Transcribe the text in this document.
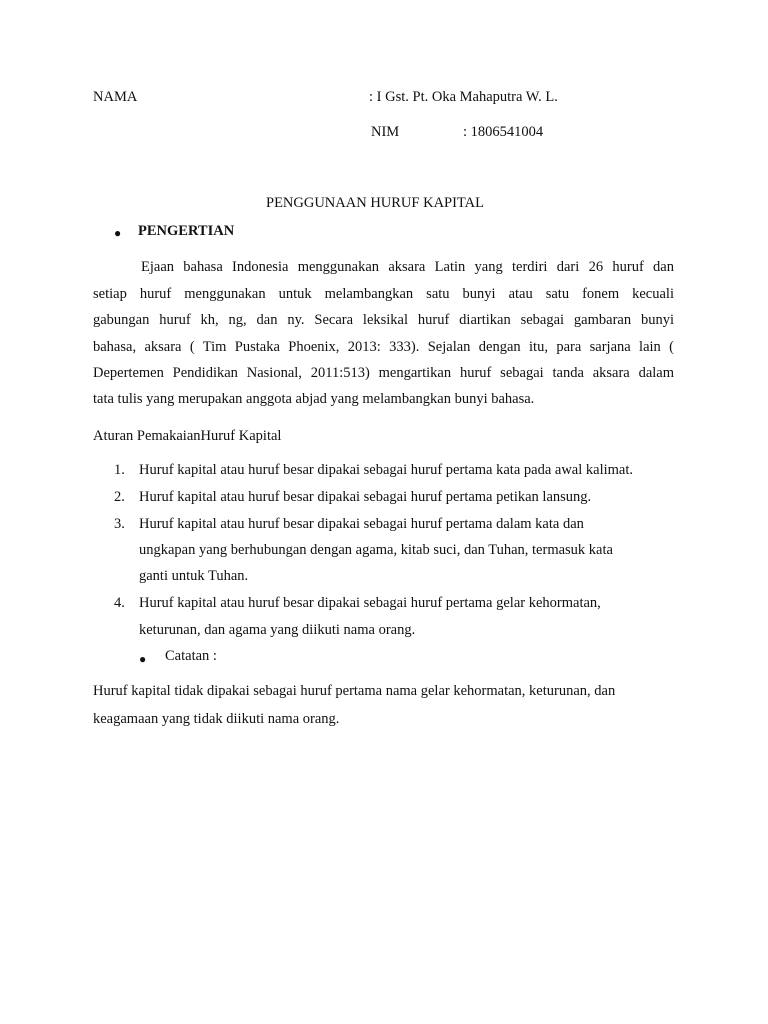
NAMA	: I Gst. Pt. Oka Mahaputra W. L.
NIM	: 1806541004
PENGGUNAAN HURUF KAPITAL
● PENGERTIAN
Ejaan bahasa Indonesia menggunakan aksara Latin yang terdiri dari 26 huruf dan
setiap huruf menggunakan untuk melambangkan satu bunyi atau satu fonem kecuali
gabungan huruf kh, ng, dan ny. Secara leksikal huruf diartikan sebagai gambaran bunyi
bahasa, aksara ( Tim Pustaka Phoenix, 2013: 333). Sejalan dengan itu, para sarjana lain (
Depertemen Pendidikan Nasional, 2011:513) mengartikan huruf sebagai tanda aksara dalam
tata tulis yang merupakan anggota abjad yang melambangkan bunyi bahasa.
Aturan PemakaianHuruf Kapital
1. Huruf kapital atau huruf besar dipakai sebagai huruf pertama kata pada awal kalimat.
2. Huruf kapital atau huruf besar dipakai sebagai huruf pertama petikan lansung.
3. Huruf kapital atau huruf besar dipakai sebagai huruf pertama dalam kata dan
ungkapan yang berhubungan dengan agama, kitab suci, dan Tuhan, termasuk kata
ganti untuk Tuhan.
4. Huruf kapital atau huruf besar dipakai sebagai huruf pertama gelar kehormatan,
keturunan, dan agama yang diikuti nama orang.
● Catatan :
Huruf kapital tidak dipakai sebagai huruf pertama nama gelar kehormatan, keturunan, dan
keagamaan yang tidak diikuti nama orang.
